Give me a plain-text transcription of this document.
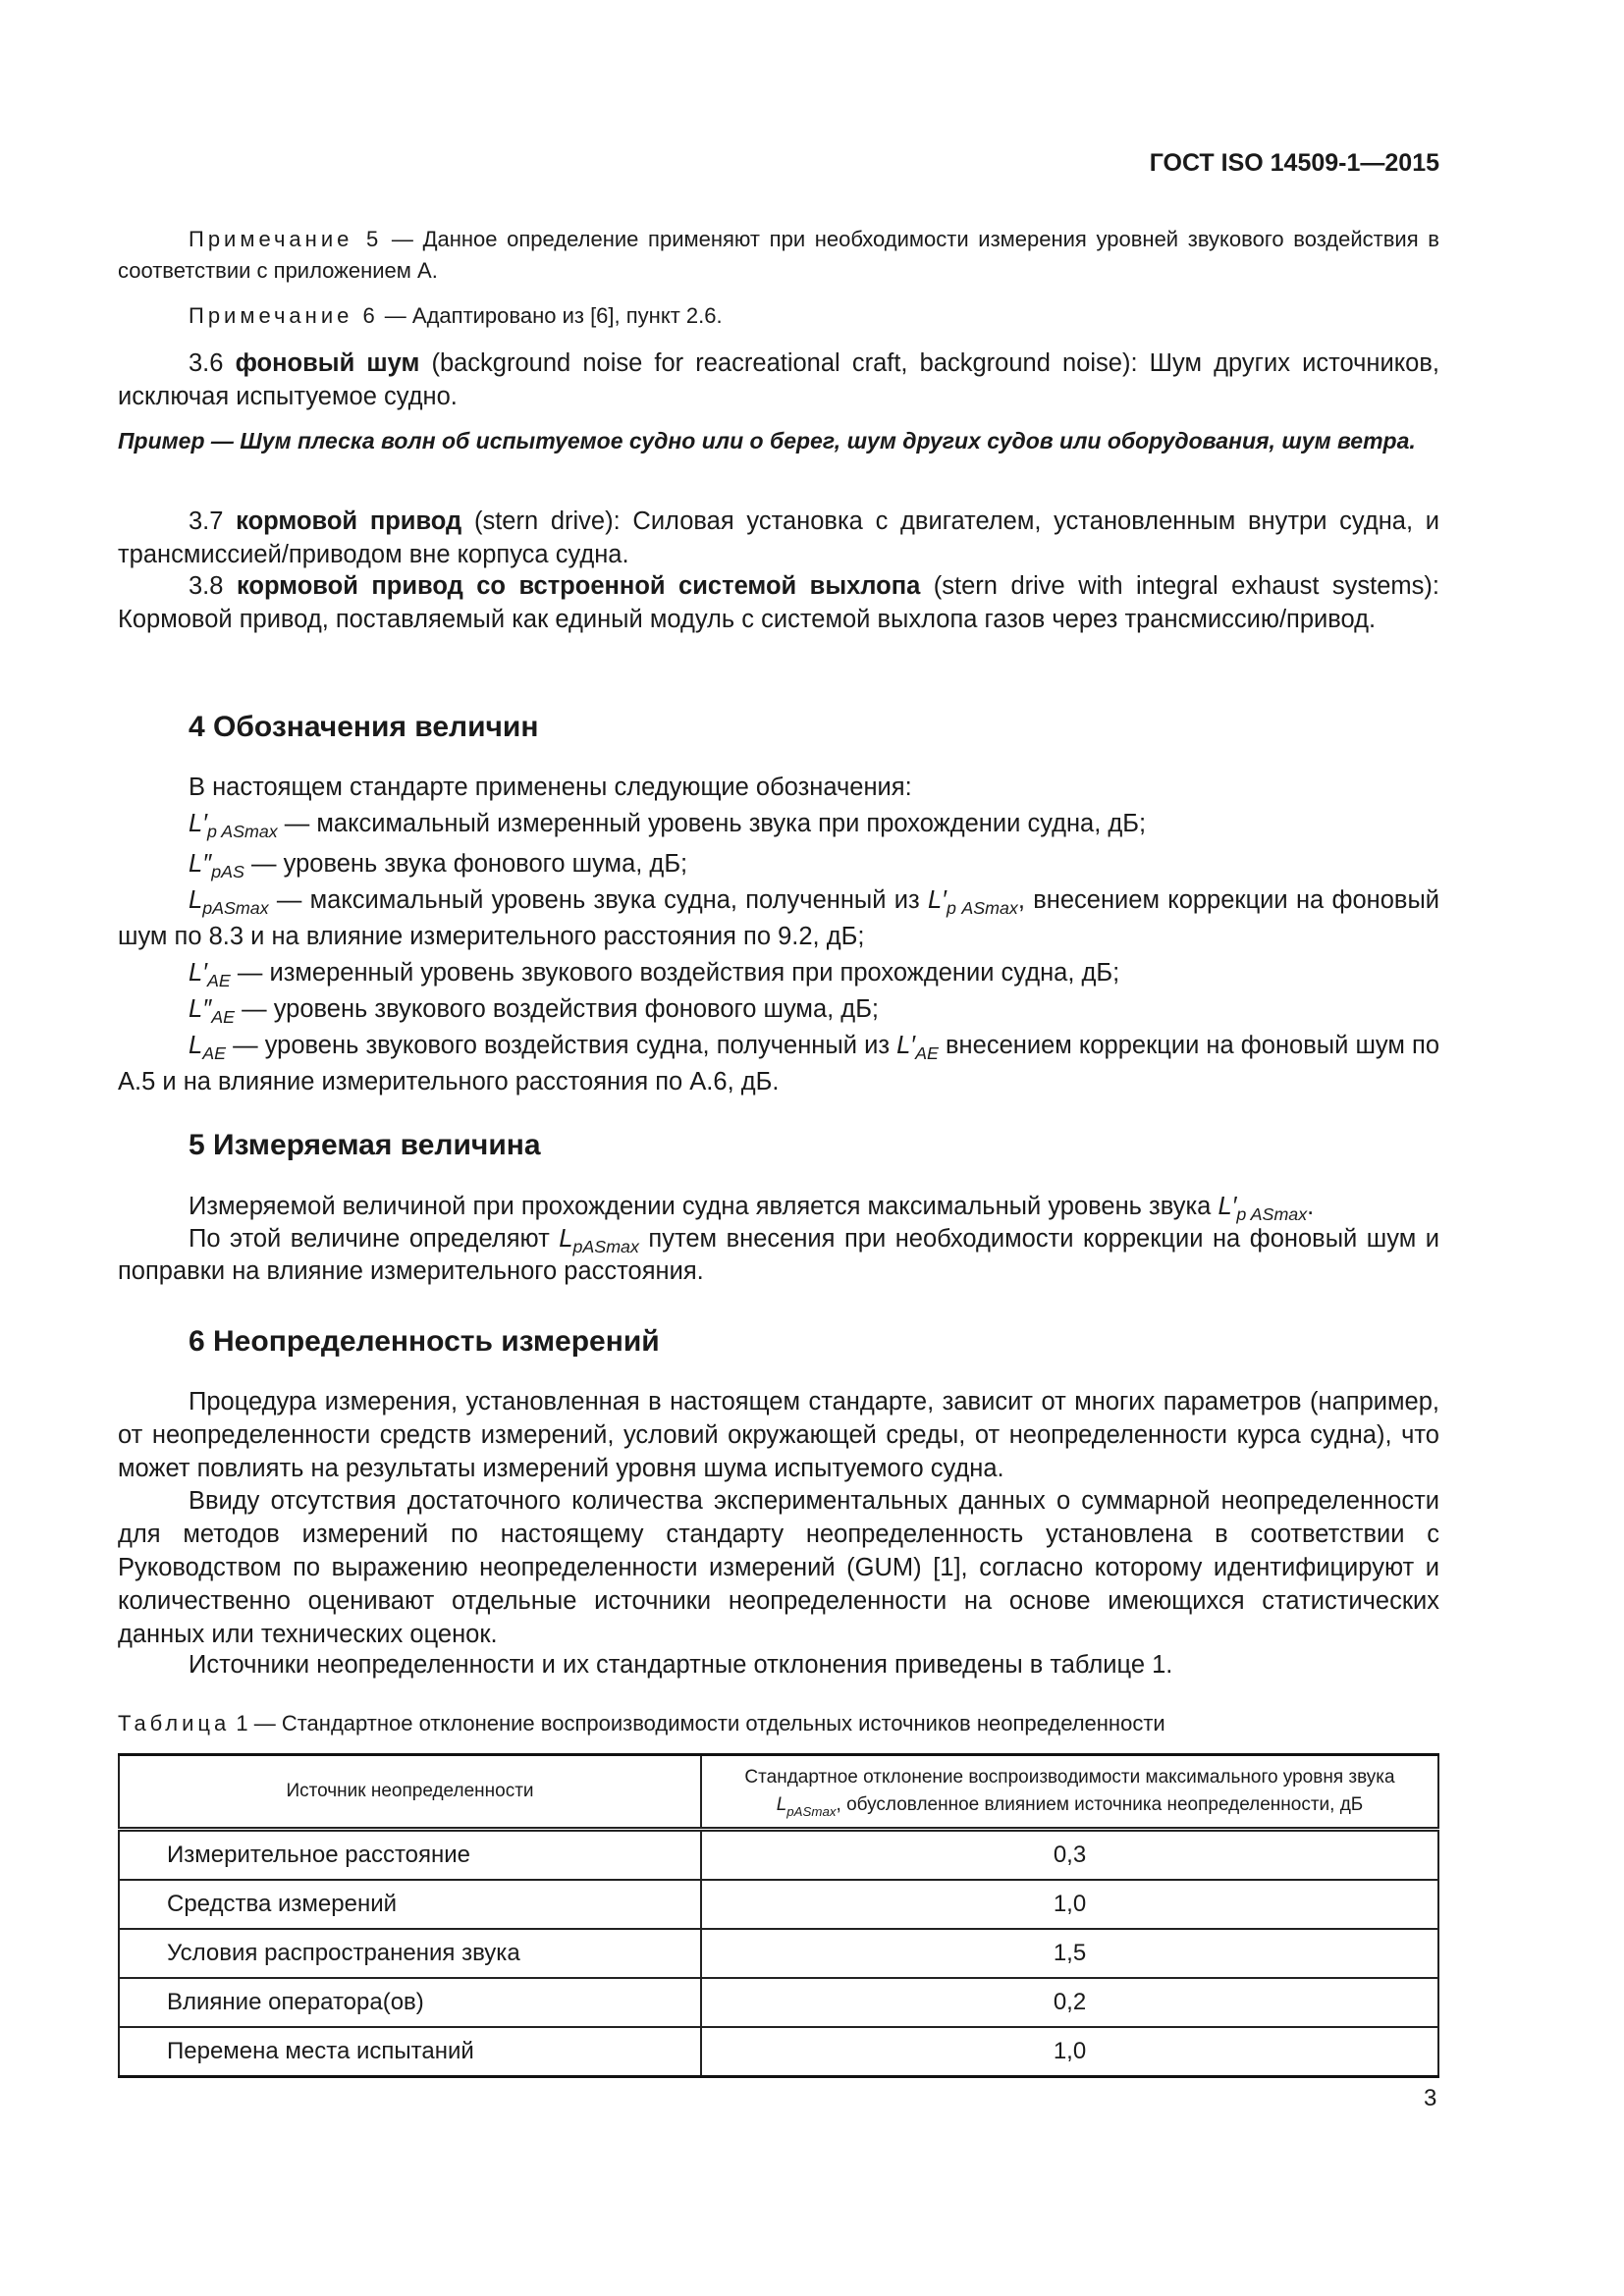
ГОСТ ISO 14509-1—2015

Примечание 5 — Данное определение применяют при необходимости измерения уровней звукового воздействия в соответствии с приложением А.

Примечание 6 — Адаптировано из [6], пункт 2.6.

3.6 фоновый шум (background noise for reacreational craft, background noise): Шум других источников, исключая испытуемое судно.

Пример — Шум плеска волн об испытуемое судно или о берег, шум других судов или оборудования, шум ветра.

3.7 кормовой привод (stern drive): Силовая установка с двигателем, установленным внутри судна, и трансмиссией/приводом вне корпуса судна.

3.8 кормовой привод со встроенной системой выхлопа (stern drive with integral exhaust systems): Кормовой привод, поставляемый как единый модуль с системой выхлопа газов через трансмиссию/привод.

4 Обозначения величин

В настоящем стандарте применены следующие обозначения:

$L'_{p ASmax}$ — максимальный измеренный уровень звука при прохождении судна, дБ;
$L''_{pAS}$ — уровень звука фонового шума, дБ;
$L_{pASmax}$ — максимальный уровень звука судна, полученный из $L'_{p ASmax}$, внесением коррекции на фоновый шум по 8.3 и на влияние измерительного расстояния по 9.2, дБ;
$L'_{AE}$ — измеренный уровень звукового воздействия при прохождении судна, дБ;
$L''_{AE}$ — уровень звукового воздействия фонового шума, дБ;
$L_{AE}$ — уровень звукового воздействия судна, полученный из $L'_{AE}$ внесением коррекции на фоновый шум по А.5 и на влияние измерительного расстояния по А.6, дБ.
5 Измеряемая величина
Измеряемой величиной при прохождении судна является максимальный уровень звука $L'_{p ASmax}$.
По этой величине определяют $L_{pASmax}$ путем внесения при необходимости коррекции на фоновый шум и поправки на влияние измерительного расстояния.
6 Неопределенность измерений

Процедура измерения, установленная в настоящем стандарте, зависит от многих параметров (например, от неопределенности средств измерений, условий окружающей среды, от неопределенности курса судна), что может повлиять на результаты измерений уровня шума испытуемого судна.

Ввиду отсутствия достаточного количества экспериментальных данных о суммарной неопределенности для методов измерений по настоящему стандарту неопределенность установлена в соответствии с Руководством по выражению неопределенности измерений (GUM) [1], согласно которому идентифицируют и количественно оценивают отдельные источники неопределенности на основе имеющихся статистических данных или технических оценок.

Источники неопределенности и их стандартные отклонения приведены в таблице 1.

Таблица 1 — Стандартное отклонение воспроизводимости отдельных источников неопределенности
Источник неопределенности	Стандартное отклонение воспроизводимости максимального уровня звука
$L_{pASmax}$, обусловленное влиянием источника неопределенности, дБ
Измерительное расстояние	0,3
Средства измерений	1,0
Условия распространения звука	1,5
Влияние оператора(ов)	0,2
Перемена места испытаний	1,0
3
